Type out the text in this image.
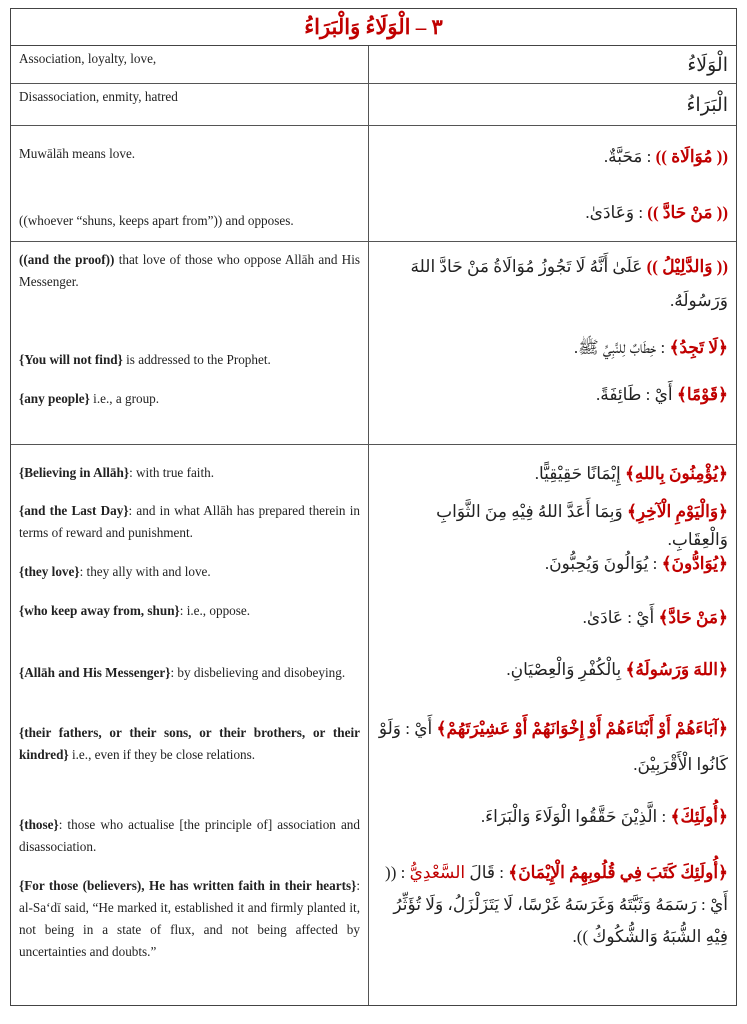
٣ – الْوَلَاءُ وَالْبَرَاءُ
Association, loyalty, love,	الْوَلَاءُ
Disassociation, enmity, hatred	الْبَرَاءُ
Muwālāh means love.
((whoever “shuns, keeps apart from”)) and opposes.
(( مُوَالَاة )) : مَحَبَّةٌ.
(( مَنْ حَادَّ )) : وَعَادَىٰ.
((and the proof)) that love of those who oppose Allāh and His Messenger.
{You will not find} is addressed to the Prophet.
{any people} i.e., a group.
(( وَالدَّلِيْلُ )) عَلَىٰ أَنَّهُ لَا تَجُوزُ مُوَالَاةُ مَنْ حَادَّ اللهَ وَرَسُولَهُ.
﴿لَا تَجِدُ﴾ : خِطَابٌ لِلنَّبِيِّ ﷺ.
﴿قَوْمًا﴾ أَيْ : طَائِفَةً.
{Believing in Allāh}: with true faith.
{and the Last Day}: and in what Allāh has prepared therein in terms of reward and punishment.
{they love}: they ally with and love.
{who keep away from, shun}: i.e., oppose.
{Allāh and His Messenger}: by disbelieving and disobeying.
{their fathers, or their sons, or their brothers, or their kindred} i.e., even if they be close relations.
{those}: those who actualise [the principle of] association and disassociation.
{For those (believers), He has written faith in their hearts}: al-Sa‘dī said, “He marked it, established it and firmly planted it, not being in a state of flux, and not being affected by uncertainties and doubts.”
﴿يُؤْمِنُونَ بِاللهِ﴾ إِيْمَانًا حَقِيْقِيًّا.
﴿وَالْيَوْمِ الْآخِرِ﴾ وَبِمَا أَعَدَّ اللهُ فِيْهِ مِنَ الثَّوَابِ وَالْعِقَابِ.
﴿يُوَادُّونَ﴾ : يُوَالُونَ وَيُحِبُّونَ.
﴿مَنْ حَادَّ﴾ أَيْ : عَادَىٰ.
﴿اللهَ وَرَسُولَهُ﴾ بِالْكُفْرِ وَالْعِصْيَانِ.
﴿آبَاءَهُمْ أَوْ أَبْنَاءَهُمْ أَوْ إِخْوَانَهُمْ أَوْ عَشِيْرَتَهُمْ﴾ أَيْ : وَلَوْ كَانُوا الْأَقْرَبِيْنَ.
﴿أُولَئِكَ﴾ : الَّذِيْنَ حَقَّقُوا الْوَلَاءَ وَالْبَرَاءَ.
﴿أُولَئِكَ كَتَبَ فِي قُلُوبِهِمُ الْإِيْمَانَ﴾ : قَالَ السَّعْدِيُّ : (( أَيْ : رَسَمَهُ وَثَبَّتَهُ وَغَرَسَهُ غَرْسًا، لَا يَتَزَلْزَلُ، وَلَا تُؤَثِّرُ فِيْهِ الشُّبَهُ وَالشُّكُوكُ )).
